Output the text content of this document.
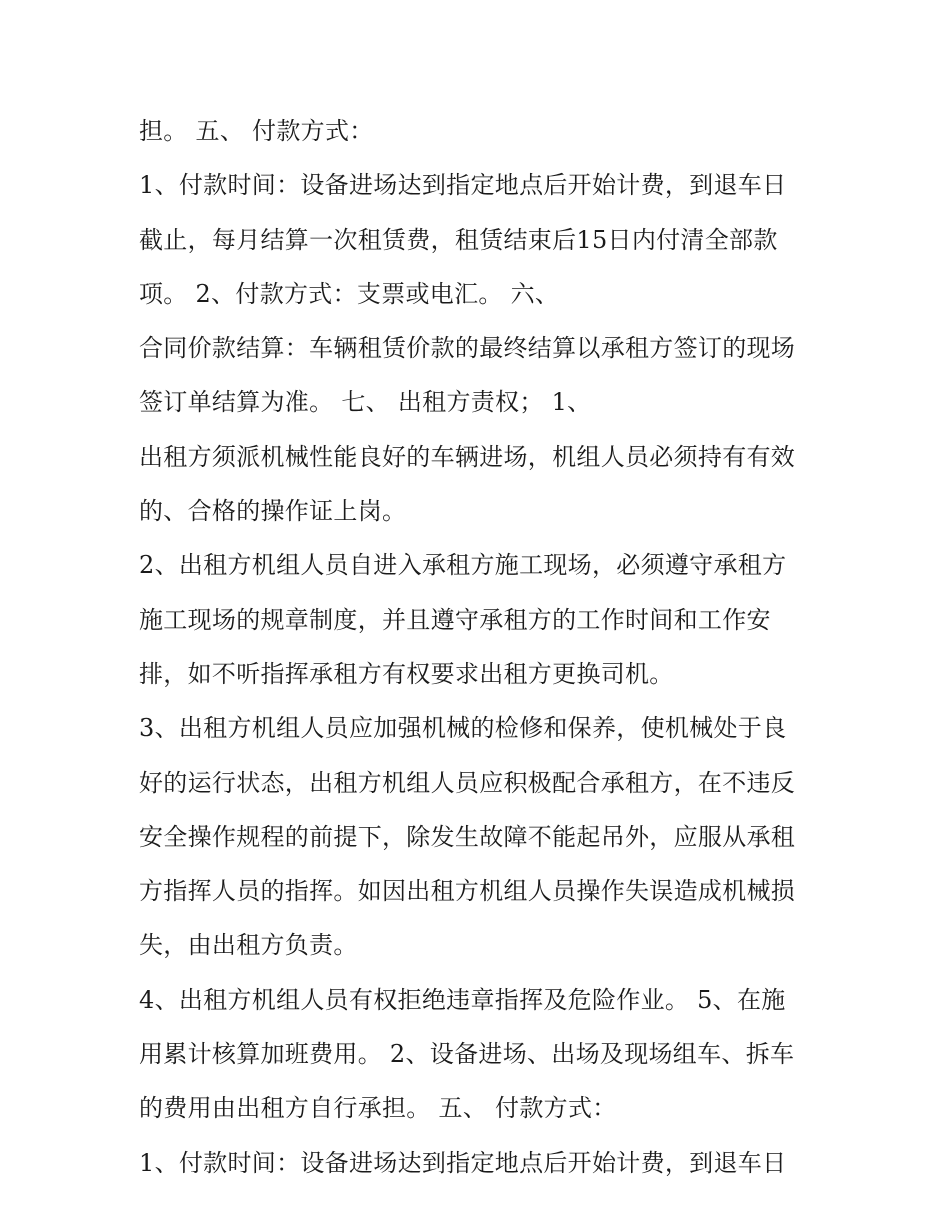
担。 五、 付款方式：
1、付款时间：设备进场达到指定地点后开始计费，到退车日
截止，每月结算一次租赁费，租赁结束后15日内付清全部款
项。 2、付款方式：支票或电汇。 六、
合同价款结算：车辆租赁价款的最终结算以承租方签订的现场
签订单结算为准。 七、 出租方责权； 1、
出租方须派机械性能良好的车辆进场，机组人员必须持有有效
的、合格的操作证上岗。
2、出租方机组人员自进入承租方施工现场，必须遵守承租方
施工现场的规章制度，并且遵守承租方的工作时间和工作安
排，如不听指挥承租方有权要求出租方更换司机。
3、出租方机组人员应加强机械的检修和保养，使机械处于良
好的运行状态，出租方机组人员应积极配合承租方，在不违反
安全操作规程的前提下，除发生故障不能起吊外，应服从承租
方指挥人员的指挥。如因出租方机组人员操作失误造成机械损
失，由出租方负责。
4、出租方机组人员有权拒绝违章指挥及危险作业。 5、在施
用累计核算加班费用。 2、设备进场、出场及现场组车、拆车
的费用由出租方自行承担。 五、 付款方式：
1、付款时间：设备进场达到指定地点后开始计费，到退车日
